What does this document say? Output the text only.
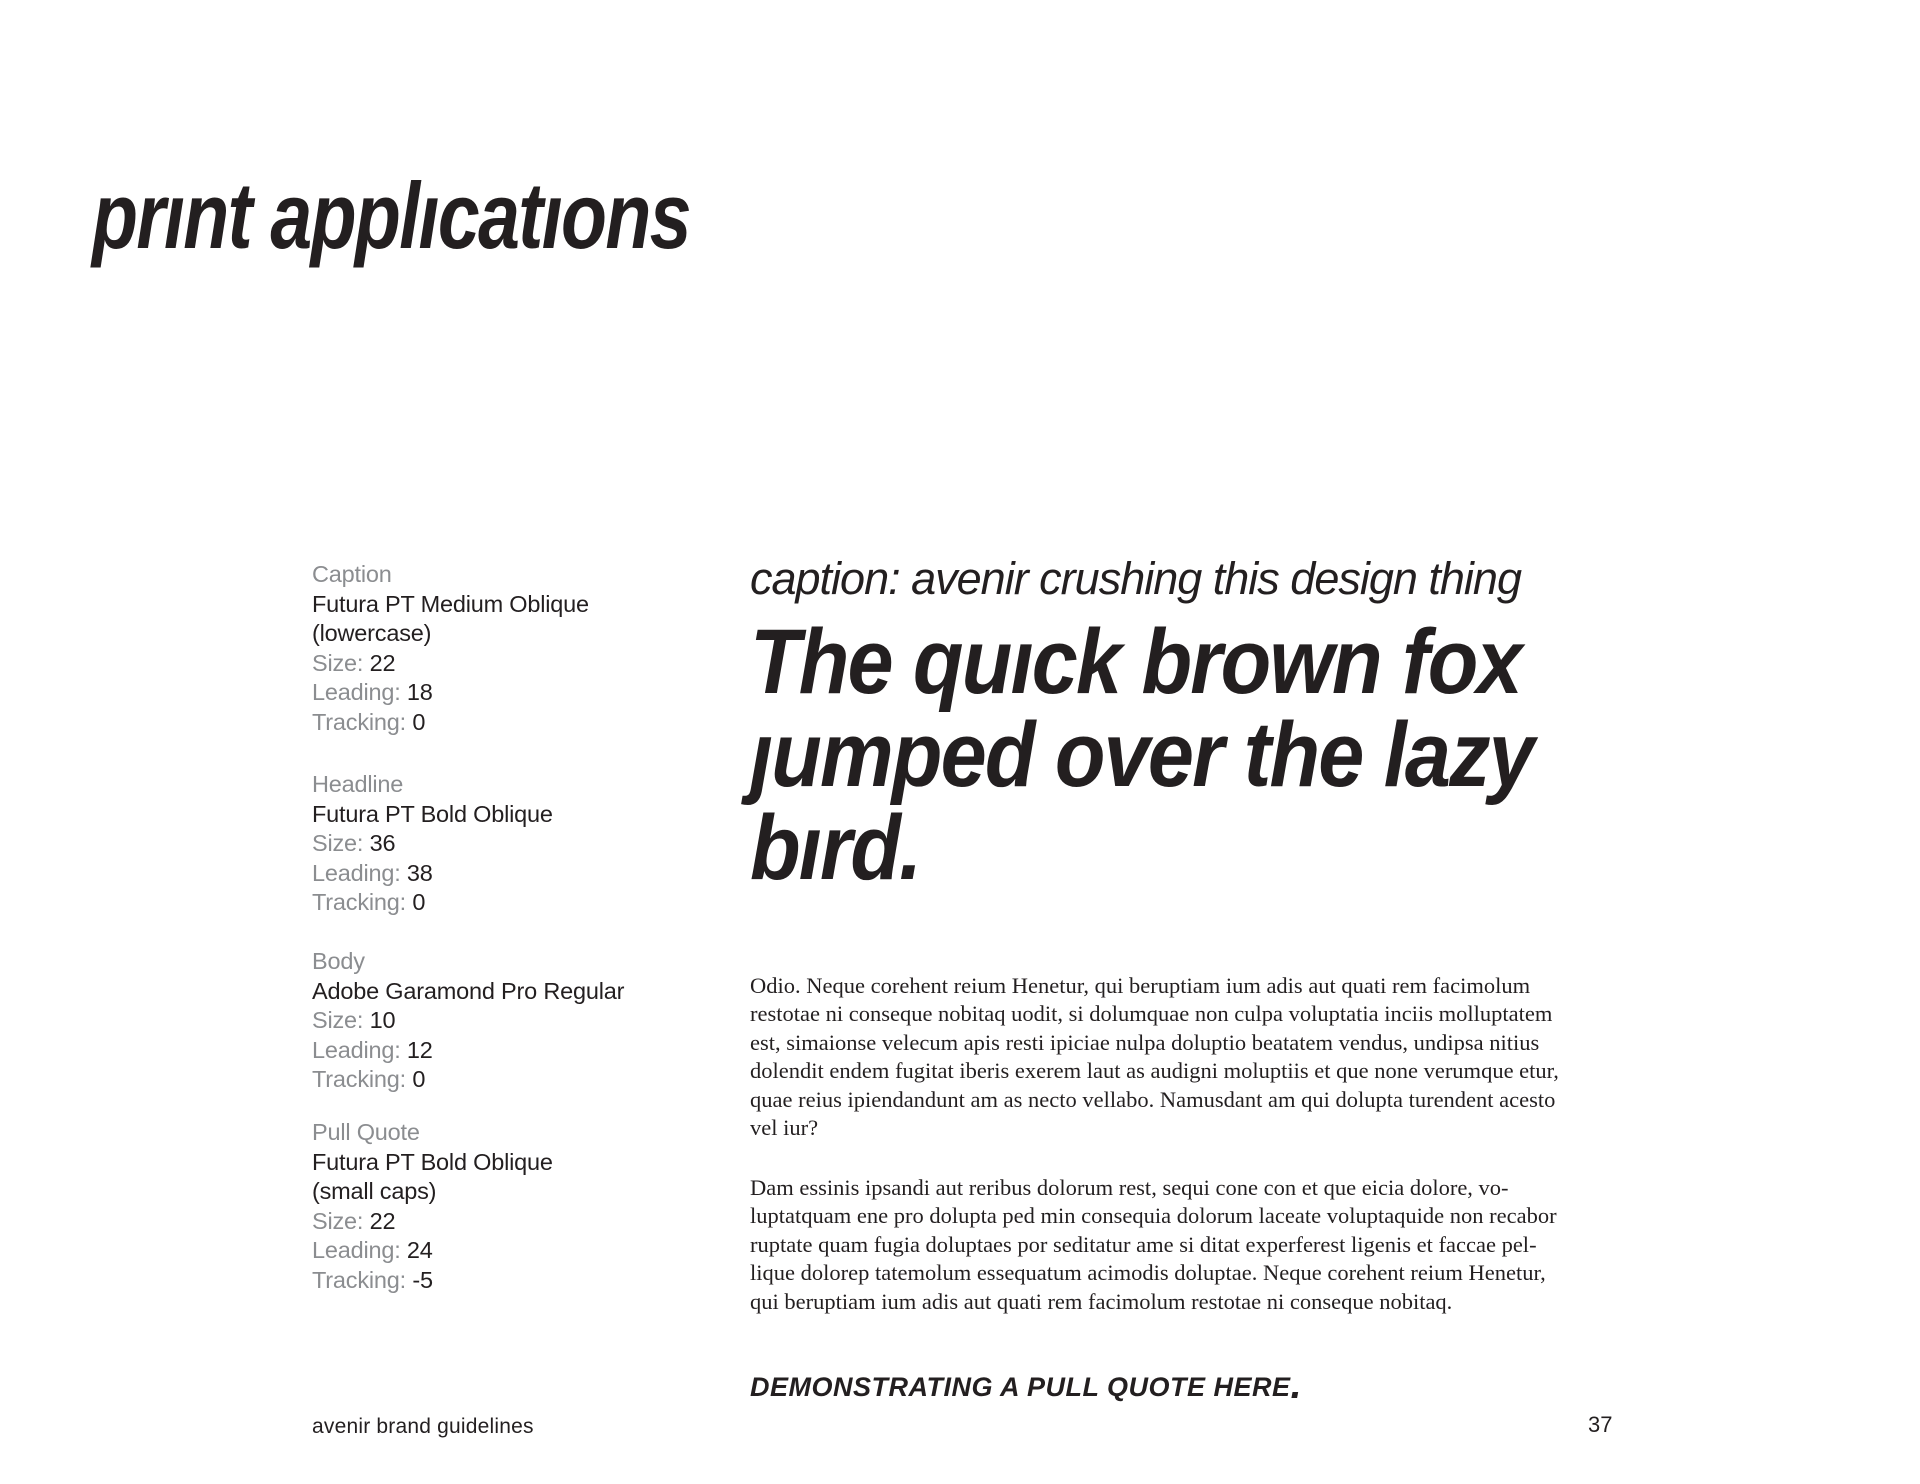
prınt applıcatıons
Caption
Futura PT Medium Oblique
(lowercase)
Size: 22
Leading: 18
Tracking: 0
Headline
Futura PT Bold Oblique
Size: 36
Leading: 38
Tracking: 0
Body
Adobe Garamond Pro Regular
Size: 10
Leading: 12
Tracking: 0
Pull Quote
Futura PT Bold Oblique
(small caps)
Size: 22
Leading: 24
Tracking: -5
caption: avenir crushing this design thing
The quıck brown fox
ȷumped over the lazy
bırd.
Odio. Neque corehent reium Henetur, qui beruptiam ium adis aut quati rem facimolum
restotae ni conseque nobitaq uodit, si dolumquae non culpa voluptatia inciis molluptatem
est, simaionse velecum apis resti ipiciae nulpa doluptio beatatem vendus, undipsa nitius
dolendit endem fugitat iberis exerem laut as audigni moluptiis et que none verumque etur,
quae reius ipiendandunt am as necto vellabo. Namusdant am qui dolupta turendent acesto
vel iur?
Dam essinis ipsandi aut reribus dolorum rest, sequi cone con et que eicia dolore, vo-
luptatquam ene pro dolupta ped min consequia dolorum laceate voluptaquide non recabor
ruptate quam fugia doluptaes por seditatur ame si ditat experferest ligenis et faccae pel-
lique dolorep tatemolum essequatum acimodis doluptae. Neque corehent reium Henetur,
qui beruptiam ium adis aut quati rem facimolum restotae ni conseque nobitaq.
DEMONSTRATING A PULL QUOTE HERE.
avenir brand guidelines	37
